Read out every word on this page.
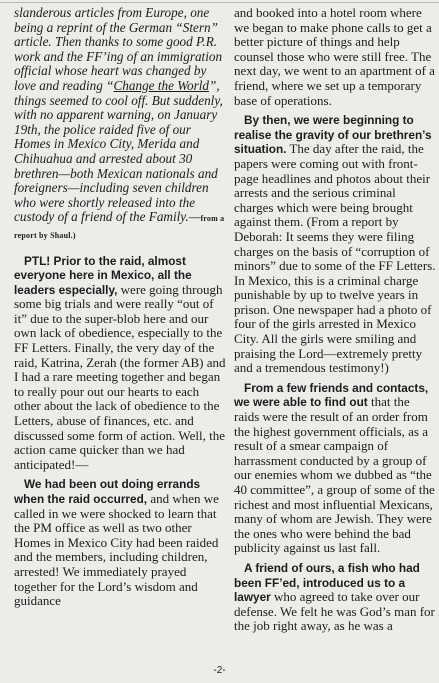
slanderous articles from Europe, one being a reprint of the German “Stern” article. Then thanks to some good P.R. work and the FF’ing of an immigration official whose heart was changed by love and reading “Change the World”, things seemed to cool off. But suddenly, with no apparent warning, on January 19th, the police raided five of our Homes in Mexico City, Merida and Chihuahua and arrested about 30 brethren—both Mexican nationals and foreigners—including seven children who were shortly released into the custody of a friend of the Family.—from a report by Shaul.)

PTL! Prior to the raid, almost everyone here in Mexico, all the leaders especially, were going through some big trials and were really “out of it” due to the super-blob here and our own lack of obedience, especially to the FF Letters. Finally, the very day of the raid, Katrina, Zerah (the former AB) and I had a rare meeting together and began to really pour out our hearts to each other about the lack of obedience to the Letters, abuse of finances, etc. and discussed some form of action. Well, the action came quicker than we had anticipated!—

We had been out doing errands when the raid occurred, and when we called in we were shocked to learn that the PM office as well as two other Homes in Mexico City had been raided and the members, including children, arrested! We immediately prayed together for the Lord’s wisdom and guidance

and booked into a hotel room where we began to make phone calls to get a better picture of things and help counsel those who were still free. The next day, we went to an apartment of a friend, where we set up a temporary base of operations.

By then, we were beginning to realise the gravity of our brethren’s situation. The day after the raid, the papers were coming out with front-page headlines and photos about their arrests and the serious criminal charges which were being brought against them. (From a report by Deborah: It seems they were filing charges on the basis of “corruption of minors” due to some of the FF Letters. In Mexico, this is a criminal charge punishable by up to twelve years in prison. One newspaper had a photo of four of the girls arrested in Mexico City. All the girls were smiling and praising the Lord—extremely pretty and a tremendous testimony!)

From a few friends and contacts, we were able to find out that the raids were the result of an order from the highest government officials, as a result of a smear campaign of harrassment conducted by a group of our enemies whom we dubbed as “the 40 committee”, a group of some of the richest and most influential Mexicans, many of whom are Jewish. They were the ones who were behind the bad publicity against us last fall.

A friend of ours, a fish who had been FF’ed, introduced us to a lawyer who agreed to take over our defense. We felt he was God’s man for the job right away, as he was a

-2-
